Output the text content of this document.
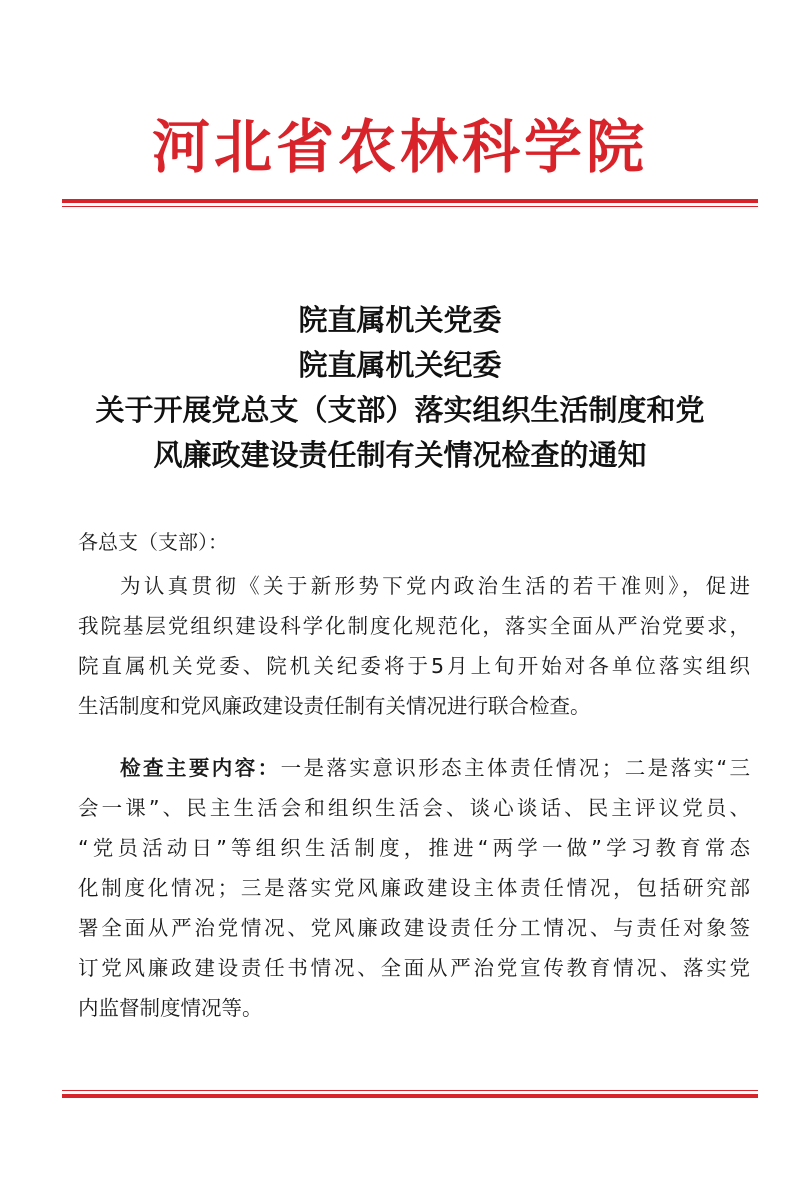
河北省农林科学院
院直属机关党委
院直属机关纪委
关于开展党总支（支部）落实组织生活制度和党
风廉政建设责任制有关情况检查的通知
各总支（支部）：
为认真贯彻《关于新形势下党内政治生活的若干准则》，促进
我院基层党组织建设科学化制度化规范化，落实全面从严治党要求，
院直属机关党委、院机关纪委将于5月上旬开始对各单位落实组织
生活制度和党风廉政建设责任制有关情况进行联合检查。
检查主要内容：一是落实意识形态主体责任情况；二是落实“三
会一课”、民主生活会和组织生活会、谈心谈话、民主评议党员、
“党员活动日”等组织生活制度，推进“两学一做”学习教育常态
化制度化情况；三是落实党风廉政建设主体责任情况，包括研究部
署全面从严治党情况、党风廉政建设责任分工情况、与责任对象签
订党风廉政建设责任书情况、全面从严治党宣传教育情况、落实党
内监督制度情况等。
